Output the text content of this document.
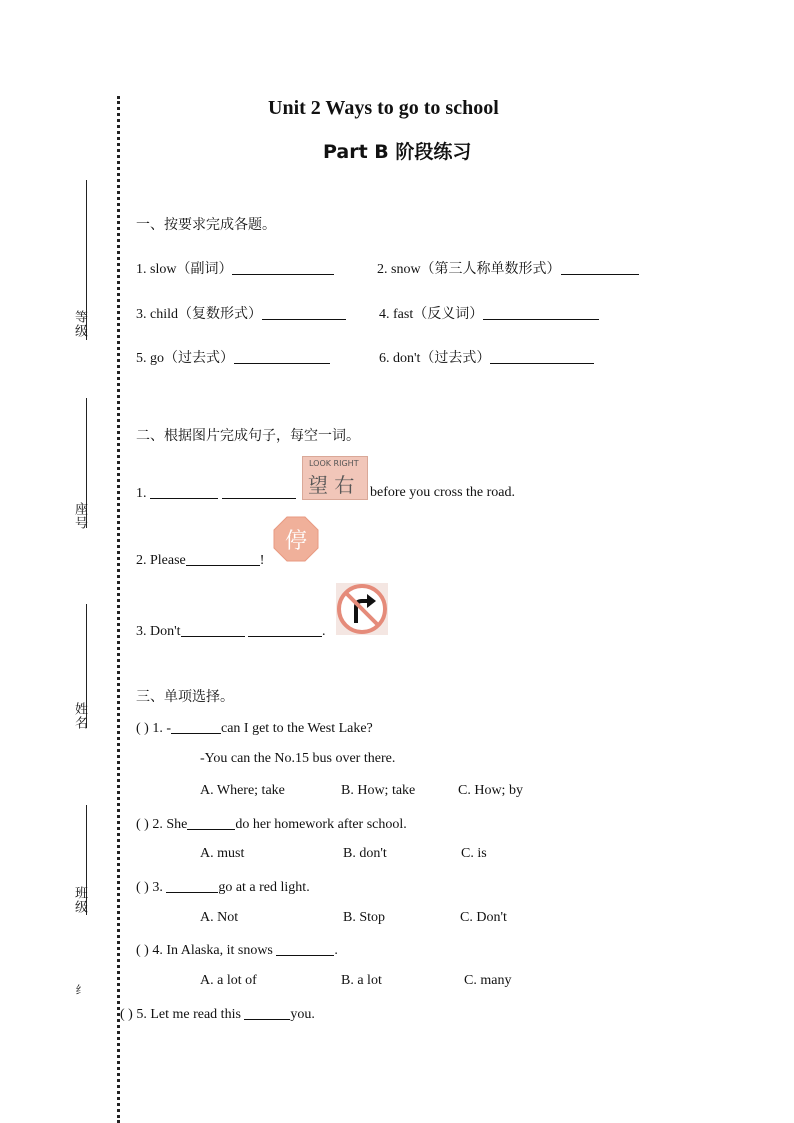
等级
座号
姓名
班级
纟
Unit 2 Ways to go to school
Part B 阶段练习
一、按要求完成各题。
1. slow（副词）	2. snow（第三人称单数形式）
3. child（复数形式）	4. fast（反义词）
5. go（过去式）	6. don't（过去式）
二、根据图片完成句子，每空一词。
1.
LOOK RIGHT
望 右 before you cross the road.
2. Please	!
停
3. Don't	.
三、单项选择。
( ) 1. -	can I get to the West Lake?
-You can the No.15 bus over there.
A. Where; take	B. How; take	C. How; by
( ) 2. She	do her homework after school.
A. must	B. don't	C. is
( ) 3.	go at a red light.
A. Not	B. Stop	C. Don't
( ) 4. In Alaska, it snows	.
A. a lot of	B. a lot	C. many
( ) 5. Let me read this	you.
